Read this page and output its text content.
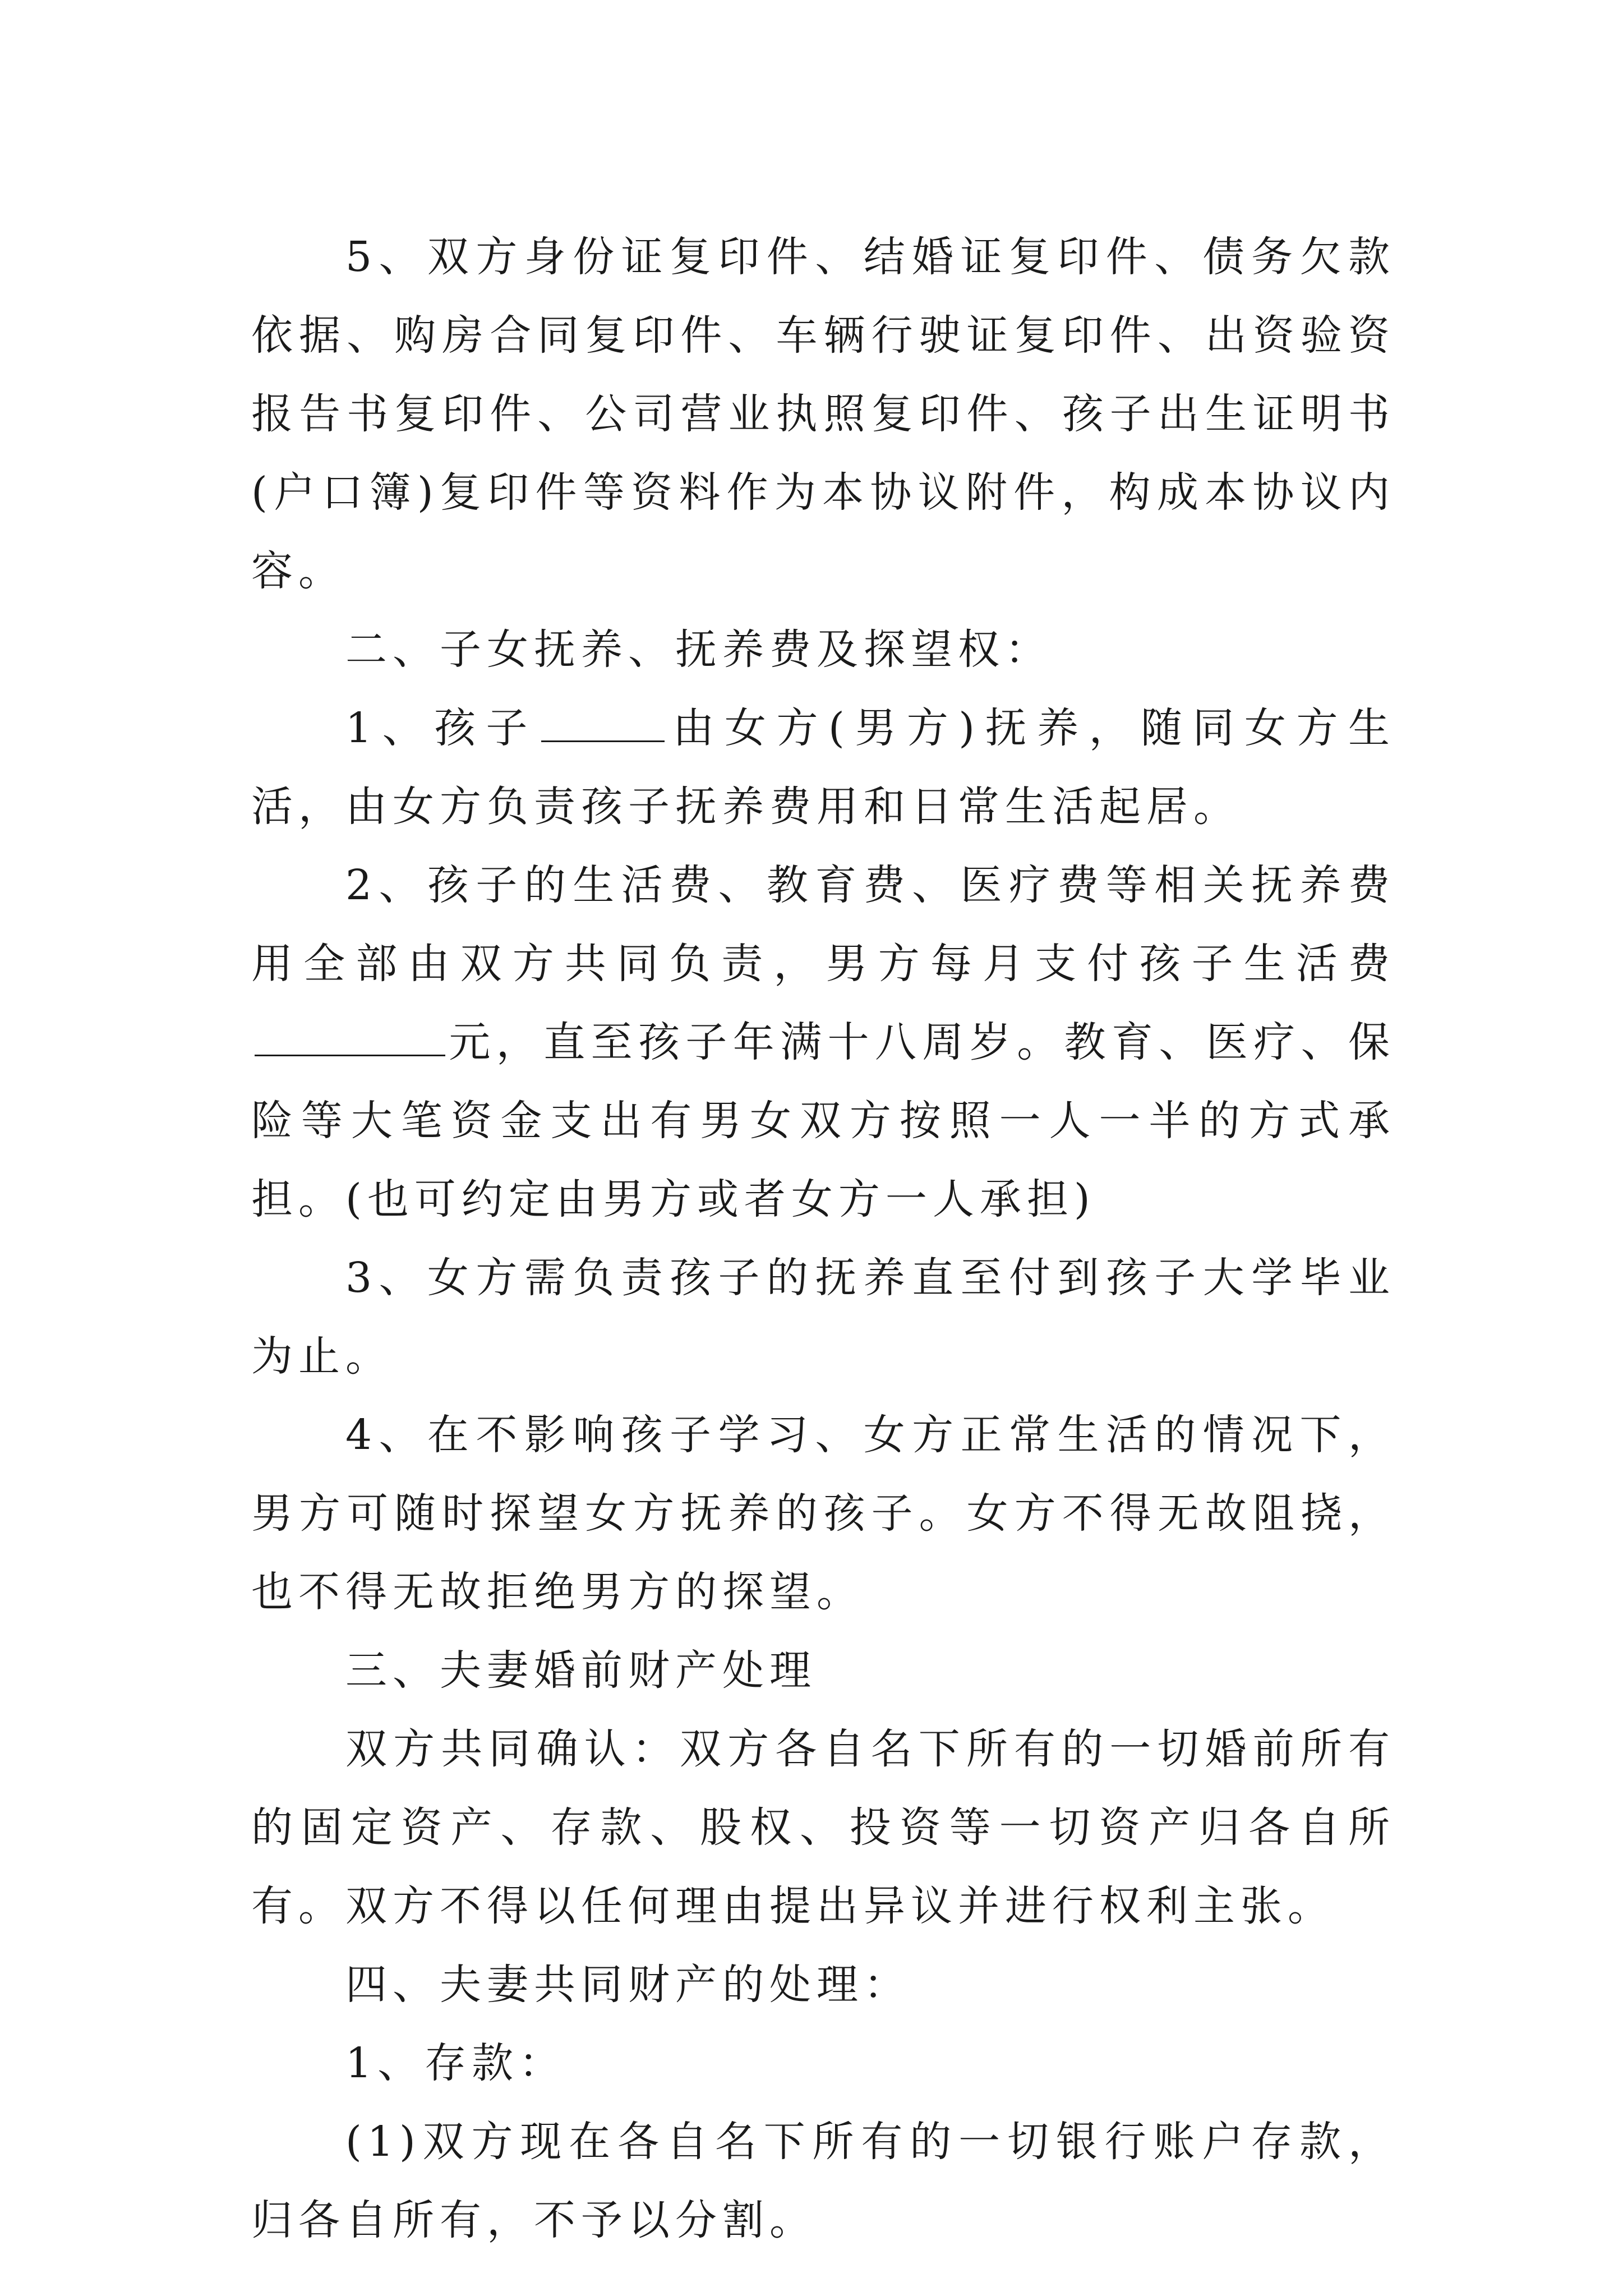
5、双方身份证复印件、结婚证复印件、债务欠款依据、购房合同复印件、车辆行驶证复印件、出资验资报告书复印件、公司营业执照复印件、孩子出生证明书(户口簿)复印件等资料作为本协议附件，构成本协议内容。

二、子女抚养、抚养费及探望权：

1、孩子	由女方(男方)抚养，随同女方生活，由女方负责孩子抚养费用和日常生活起居。

2、孩子的生活费、教育费、医疗费等相关抚养费用全部由双方共同负责，男方每月支付孩子生活费元，直至孩子年满十八周岁。教育、医疗、保险等大笔资金支出有男女双方按照一人一半的方式承担。(也可约定由男方或者女方一人承担)

3、女方需负责孩子的抚养直至付到孩子大学毕业为止。

4、在不影响孩子学习、女方正常生活的情况下，男方可随时探望女方抚养的孩子。女方不得无故阻挠，也不得无故拒绝男方的探望。

三、夫妻婚前财产处理

双方共同确认：双方各自名下所有的一切婚前所有的固定资产、存款、股权、投资等一切资产归各自所有。双方不得以任何理由提出异议并进行权利主张。

四、夫妻共同财产的处理：

1、存款：

(1)双方现在各自名下所有的一切银行账户存款，归各自所有，不予以分割。
